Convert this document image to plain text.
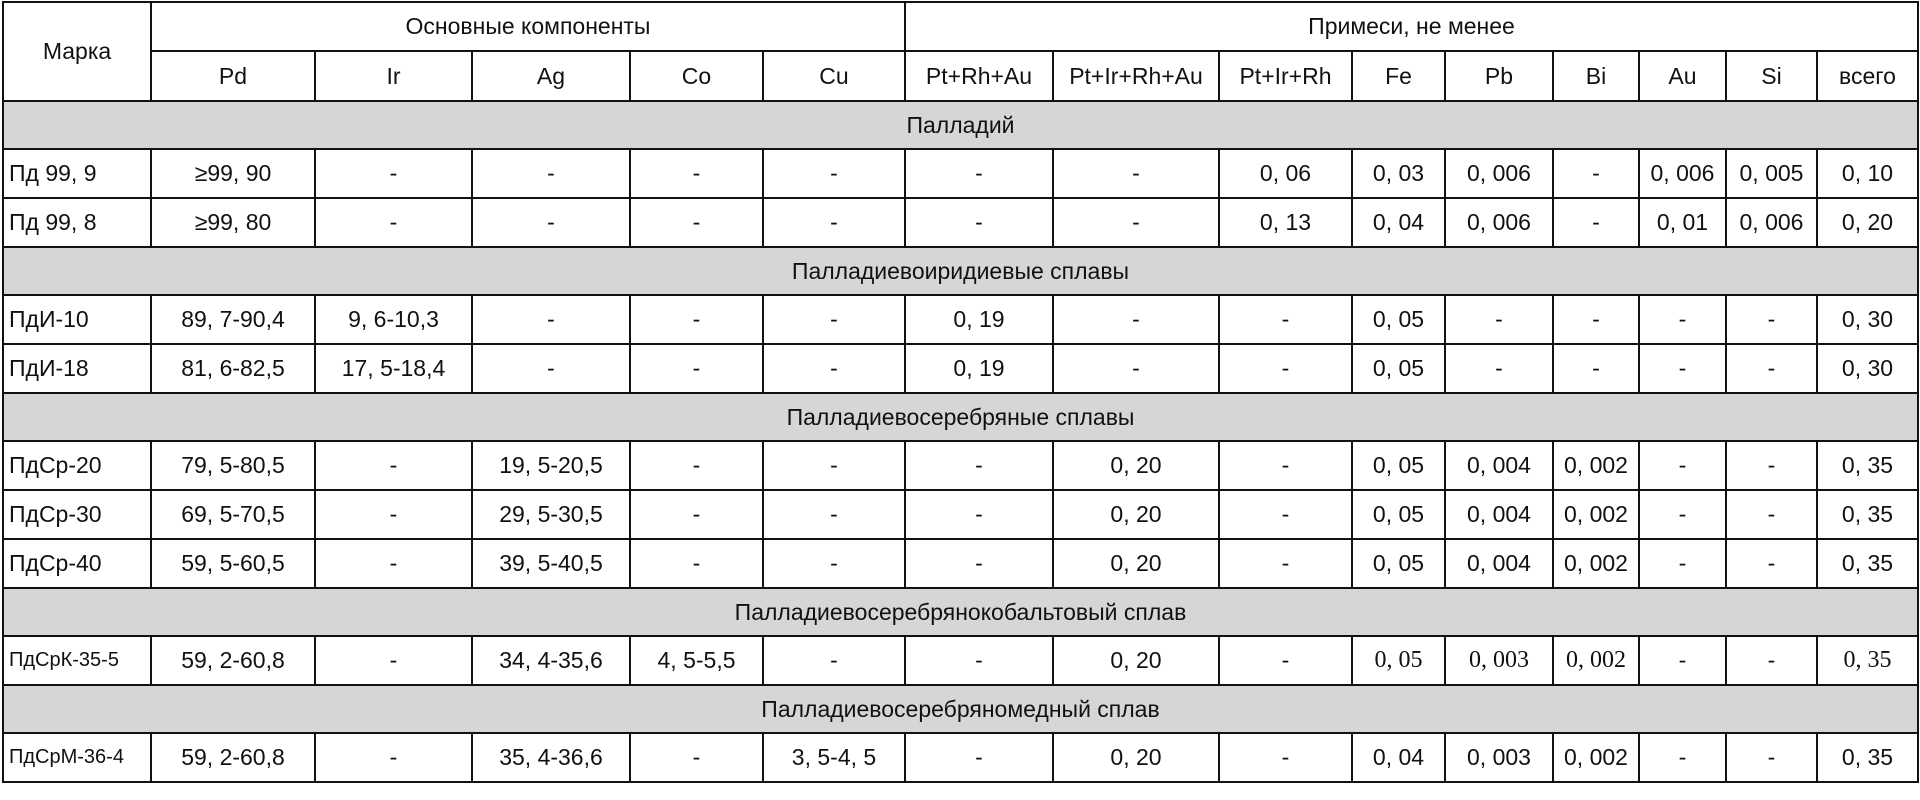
Марка	Основные компоненты					Примеси, не менее								
	Pd	Ir	Ag	Co	Cu	Pt+Rh+Au	Pt+Ir+Rh+Au	Pt+Ir+Rh	Fe	Pb	Bi	Au	Si	всего
Палладий														
Пд 99, 9	≥99, 90	-	-	-	-	-	-	0, 06	0, 03	0, 006	-	0, 006	0, 005	0, 10
Пд 99, 8	≥99, 80	-	-	-	-	-	-	0, 13	0, 04	0, 006	-	0, 01	0, 006	0, 20
Палладиевоиридиевые сплавы														
ПдИ-10	89, 7-90,4	9, 6-10,3	-	-	-	0, 19	-	-	0, 05	-	-	-	-	0, 30
ПдИ-18	81, 6-82,5	17, 5-18,4	-	-	-	0, 19	-	-	0, 05	-	-	-	-	0, 30
Палладиевосеребряные сплавы														
ПдСр-20	79, 5-80,5	-	19, 5-20,5	-	-	-	0, 20	-	0, 05	0, 004	0, 002	-	-	0, 35
ПдСр-30	69, 5-70,5	-	29, 5-30,5	-	-	-	0, 20	-	0, 05	0, 004	0, 002	-	-	0, 35
ПдСр-40	59, 5-60,5	-	39, 5-40,5	-	-	-	0, 20	-	0, 05	0, 004	0, 002	-	-	0, 35
Палладиевосеребрянокобальтовый сплав														
ПдСрК-35-5	59, 2-60,8	-	34, 4-35,6	4, 5-5,5	-	-	0, 20	-	0, 05	0, 003	0, 002	-	-	0, 35
Палладиевосеребряномедный сплав														
ПдСрМ-36-4	59, 2-60,8	-	35, 4-36,6	-	3, 5-4, 5	-	0, 20	-	0, 04	0, 003	0, 002	-	-	0, 35
